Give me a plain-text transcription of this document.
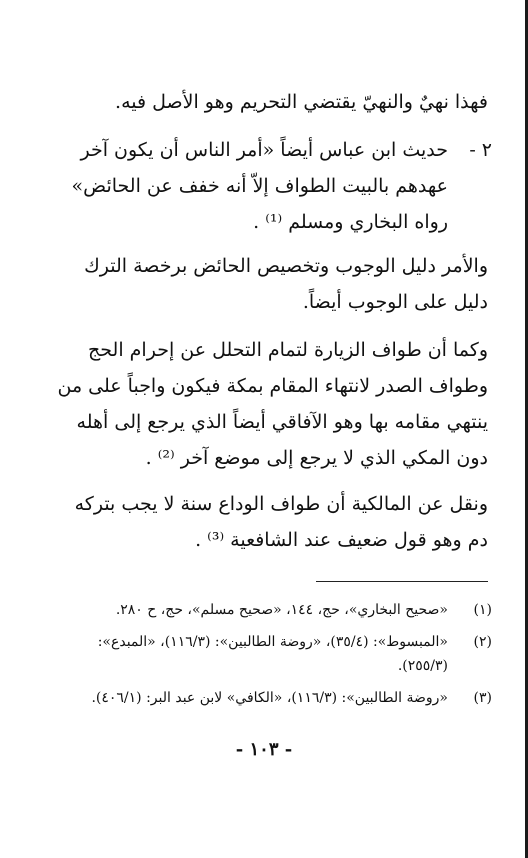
فهذا نهيٌ والنهيّ يقتضي التحريم وهو الأصل فيه.
٢ -
حديث ابن عباس أيضاً «أمر الناس أن يكون آخر
عهدهم بالبيت الطواف إلاّ أنه خفف عن الحائض»
رواه البخاري ومسلم ⁽¹⁾ .
والأمر دليل الوجوب وتخصيص الحائض برخصة الترك
دليل على الوجوب أيضاً.
وكما أن طواف الزيارة لتمام التحلل عن إحرام الحج
وطواف الصدر لانتهاء المقام بمكة فيكون واجباً على من
ينتهي مقامه بها وهو الآفاقي أيضاً الذي يرجع إلى أهله
دون المكي الذي لا يرجع إلى موضع آخر ⁽²⁾ .
ونقل عن المالكية أن طواف الوداع سنة لا يجب بتركه
دم وهو قول ضعيف عند الشافعية ⁽³⁾ .
(١)
«صحيح البخاري»، حج، ١٤٤، «صحيح مسلم»، حج، ح ٢٨٠.
(٢)
«المبسوط»: (٣٥/٤)، «روضة الطالبين»: (١١٦/٣)، «المبدع»:
(٢٥٥/٣).
(٣)
«روضة الطالبين»: (١١٦/٣)، «الكافي» لابن عبد البر: (٤٠٦/١).
- ١٠٣ -
